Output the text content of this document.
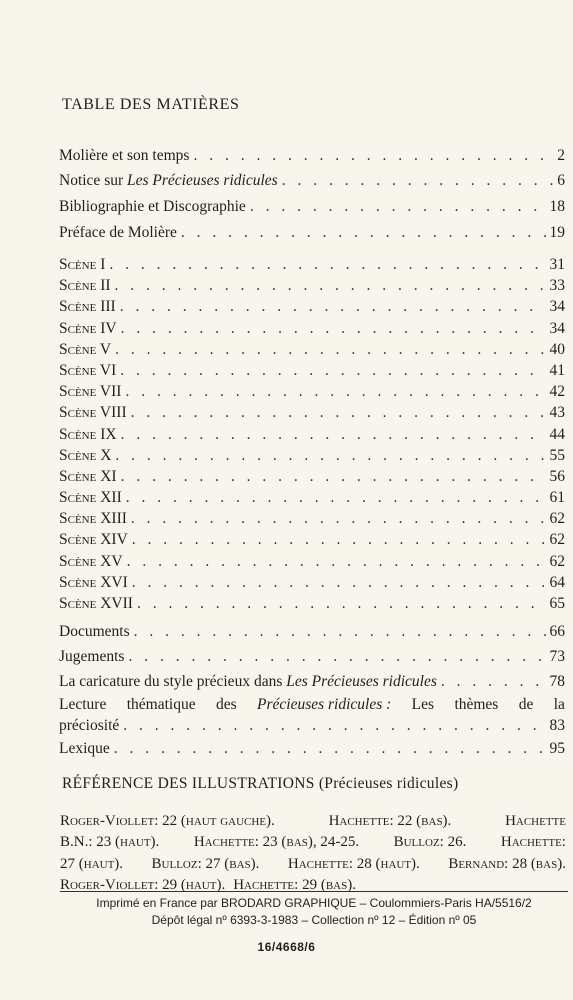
TABLE DES MATIÈRES
Molière et son temps . . .	2
Notice sur Les Précieuses ridicules . . .	6
Bibliographie et Discographie . . .	18
Préface de Molière . . .	19
Scène I . . .	31
Scène II . . .	33
Scène III . . .	34
Scène IV . . .	34
Scène V . . .	40
Scène VI . . .	41
Scène VII . . .	42
Scène VIII . . .	43
Scène IX . . .	44
Scène X . . .	55
Scène XI . . .	56
Scène XII . . .	61
Scène XIII . . .	62
Scène XIV . . .	62
Scène XV . . .	62
Scène XVI . . .	64
Scène XVII . . .	65
Documents . . .	66
Jugements . . .	73
La caricature du style précieux dans Les Précieuses ridicules . . .	78
Lecture thématique des Précieuses ridicules : Les thèmes de la
préciosité . . .	83
Lexique . . .	95
RÉFÉRENCE DES ILLUSTRATIONS (Précieuses ridicules)
Roger-Viollet: 22 (haut gauche).	Hachette: 22 (bas).	Hachette
B.N.: 23 (haut). Hachette: 23 (bas), 24-25. Bulloz: 26. Hachette:
27 (haut). Bulloz: 27 (bas). Hachette: 28 (haut). Bernand: 28 (bas).
Roger-Viollet: 29 (haut). Hachette: 29 (bas).
Imprimé en France par BRODARD GRAPHIQUE – Coulommiers-Paris HA/5516/2
Dépôt légal nº 6393-3-1983 – Collection nº 12 – Édition nº 05
16/4668/6
